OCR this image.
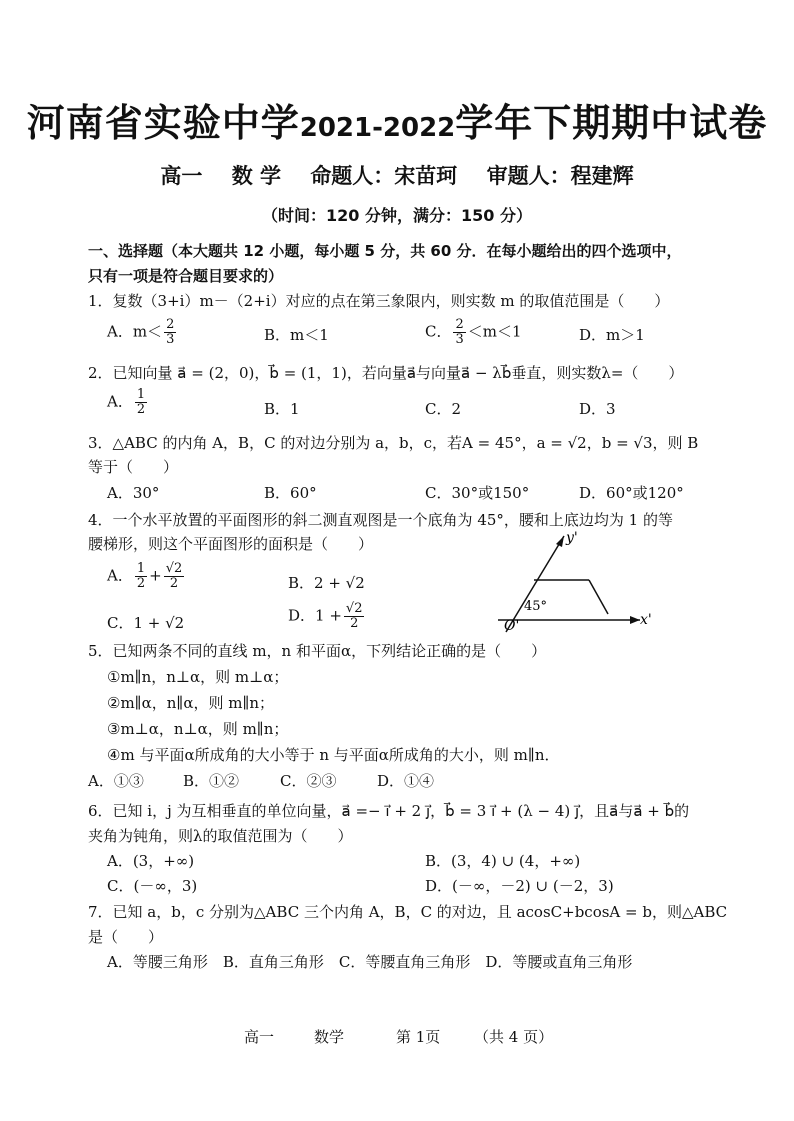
河南省实验中学2021-2022学年下期期中试卷
高一 数 学 命题人：宋苗珂 审题人：程建辉
（时间：120 分钟，满分：150 分）
一、选择题（本大题共 12 小题，每小题 5 分，共 60 分．在每小题给出的四个选项中，
只有一项是符合题目要求的）
1．复数（3+i）m－（2+i）对应的点在第三象限内，则实数 m 的取值范围是（　　）
A．$m< \frac{2}{3}$	B．m＜1	C． $\frac{2}{3} <m<1$	D．m＞1
2．已知向量 a⃗ = (2，0)，b⃗ = (1，1)，若向量a⃗与向量a⃗ − λb⃗垂直，则实数λ=（　　）
A． $\frac{1}{2}$	B．1	C．2	D．3
3．△ABC 的内角 A，B，C 的对边分别为 a，b，c，若A = 45°，a = √2，b = √3，则 B
等于（　　）
A．30°	B．60°	C．30°或150°	D．60°或120°
4．一个水平放置的平面图形的斜二测直观图是一个底角为 45°，腰和上底边均为 1 的等
腰梯形，则这个平面图形的面积是（　　）
A． $\frac{1}{2} + \frac{√2}{2}$	B．2 + √2
C．1 + √2	D．$1 + \frac{√2}{2}$
y'
x'
O'
45°
5．已知两条不同的直线 m，n 和平面α，下列结论正确的是（　　）
①m∥n，n⊥α，则 m⊥α；
②m∥α，n∥α，则 m∥n；
③m⊥α，n⊥α，则 m∥n；
④m 与平面α所成角的大小等于 n 与平面α所成角的大小，则 m∥n．
A．①③	B．①②	C．②③	D．①④
6．已知 i，j 为互相垂直的单位向量，a⃗ =− i⃗ + 2 j⃗，b⃗ = 3 i⃗ + (λ − 4) j⃗，且a⃗与a⃗ + b⃗的
夹角为钝角，则λ的取值范围为（　　）
A．(3，+∞)	B．(3，4) ∪ (4，+∞)
C．(－∞，3)	D．(－∞，－2) ∪ (－2，3)
7．已知 a，b，c 分别为△ABC 三个内角 A，B，C 的对边，且 acosC+bcosA = b，则△ABC
是（　　）
A．等腰三角形　B．直角三角形　C．等腰直角三角形　D．等腰或直角三角形
高一	数学	第 1页 （共 4 页）
